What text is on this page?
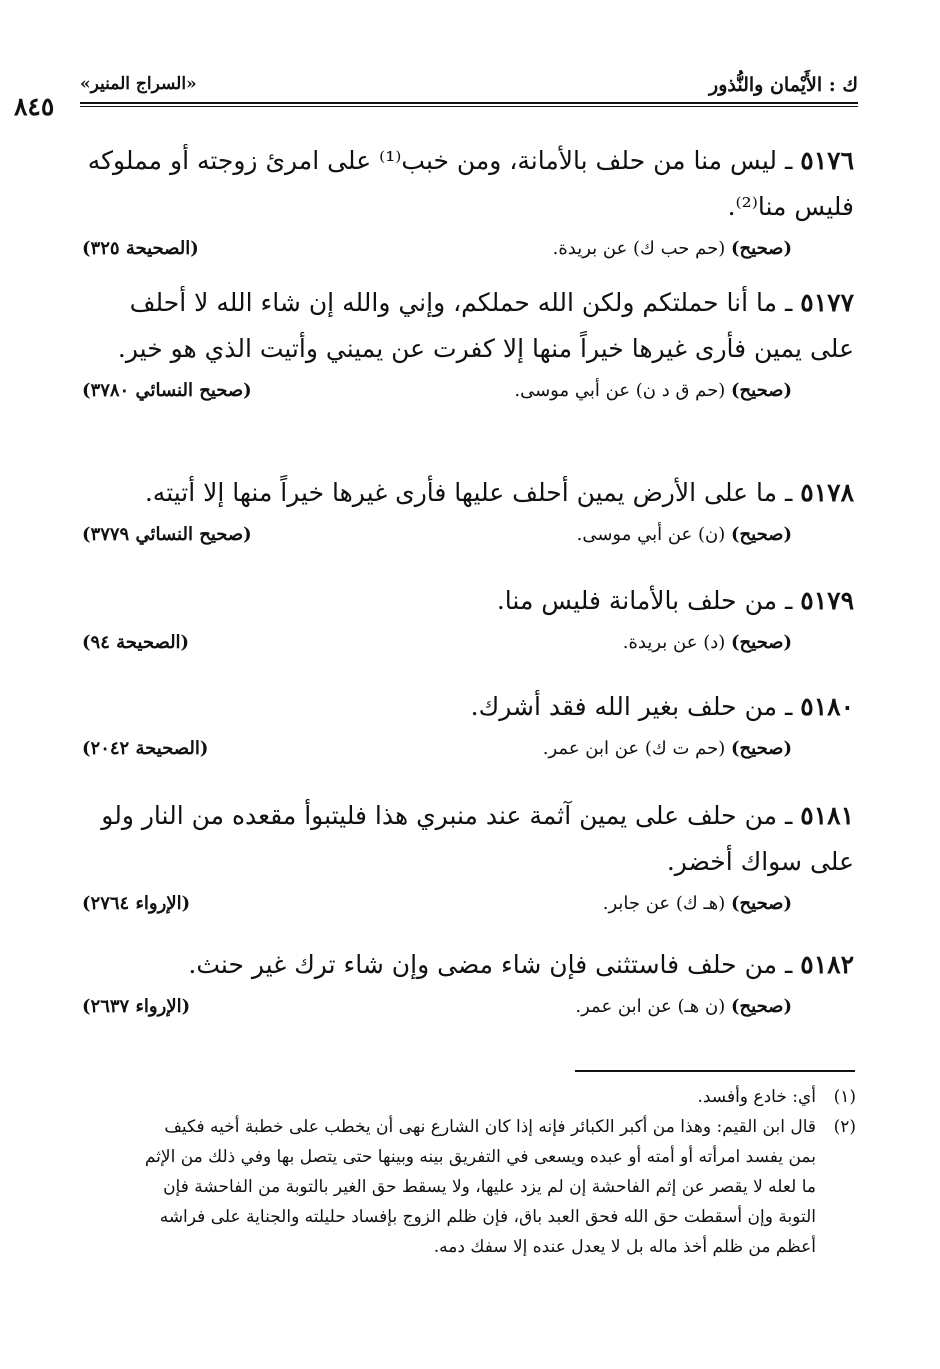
ك : الأَيْمان والنُّذور
«السراج المنير»
٨٤٥
٥١٧٦ـ ليس منا من حلف بالأمانة، ومن خبب⁽¹⁾ على امرئ زوجته أو مملوكه فليس منا⁽²⁾.
(صحيح) (حم حب ك) عن بريدة.
(الصحيحة ٣٢٥)
٥١٧٧ـ ما أنا حملتكم ولكن الله حملكم، وإني والله إن شاء الله لا أحلف على يمين فأرى غيرها خيراً منها إلا كفرت عن يميني وأتيت الذي هو خير.
(صحيح) (حم ق د ن) عن أبي موسى.
(صحيح النسائي ٣٧٨٠)
٥١٧٨ـ ما على الأرض يمين أحلف عليها فأرى غيرها خيراً منها إلا أتيته.
(صحيح) (ن) عن أبي موسى.
(صحيح النسائي ٣٧٧٩)
٥١٧٩ـ من حلف بالأمانة فليس منا.
(صحيح) (د) عن بريدة.
(الصحيحة ٩٤)
٥١٨٠ـ من حلف بغير الله فقد أشرك.
(صحيح) (حم ت ك) عن ابن عمر.
(الصحيحة ٢٠٤٢)
٥١٨١ـ من حلف على يمين آثمة عند منبري هذا فليتبوأ مقعده من النار ولو على سواك أخضر.
(صحيح) (هـ ك) عن جابر.
(الإرواء ٢٧٦٤)
٥١٨٢ـ من حلف فاستثنى فإن شاء مضى وإن شاء ترك غير حنث.
(صحيح) (ن هـ) عن ابن عمر.
(الإرواء ٢٦٣٧)
(١)
أي: خادع وأفسد.
(٢)
قال ابن القيم: وهذا من أكبر الكبائر فإنه إذا كان الشارع نهى أن يخطب على خطبة أخيه فكيف بمن يفسد امرأته أو أمته أو عبده ويسعى في التفريق بينه وبينها حتى يتصل بها وفي ذلك من الإثم ما لعله لا يقصر عن إثم الفاحشة إن لم يزد عليها، ولا يسقط حق الغير بالتوبة من الفاحشة فإن التوبة وإن أسقطت حق الله فحق العبد باق، فإن ظلم الزوج بإفساد حليلته والجناية على فراشه أعظم من ظلم أخذ ماله بل لا يعدل عنده إلا سفك دمه.
